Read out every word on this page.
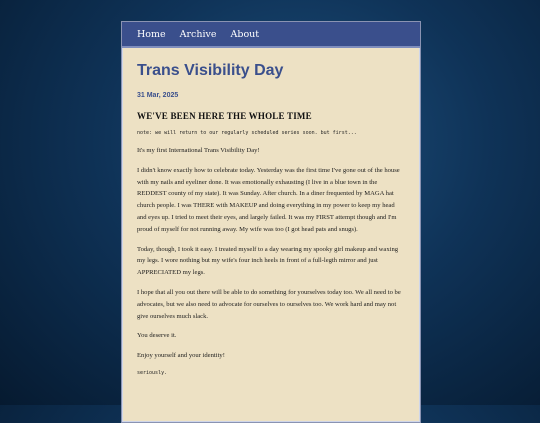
Home Archive About
Trans Visibility Day
31 Mar, 2025
WE'VE BEEN HERE THE WHOLE TIME
note: we will return to our regularly scheduled series soon. but first...

It's my first International Trans Visibility Day!

I didn't know exactly how to celebrate today. Yesterday was the first time I've gone out of the house with my nails and eyeliner done. It was emotionally exhausting (I live in a blue town in the REDDEST county of my state). It was Sunday. After church. In a diner frequented by MAGA hat church people. I was THERE with MAKEUP and doing everything in my power to keep my head and eyes up. I tried to meet their eyes, and largely failed. It was my FIRST attempt though and I'm proud of myself for not running away. My wife was too (I got head pats and snugs).

Today, though, I took it easy. I treated myself to a day wearing my spooky girl makeup and waxing my legs. I wore nothing but my wife's four inch heels in front of a full-legth mirror and just APPRECIATED my legs.

I hope that all you out there will be able to do something for yourselves today too. We all need to be advocates, but we also need to advocate for ourselves to ourselves too. We work hard and may not give ourselves much slack.

You deserve it.

Enjoy yourself and your identity!

seriously.
